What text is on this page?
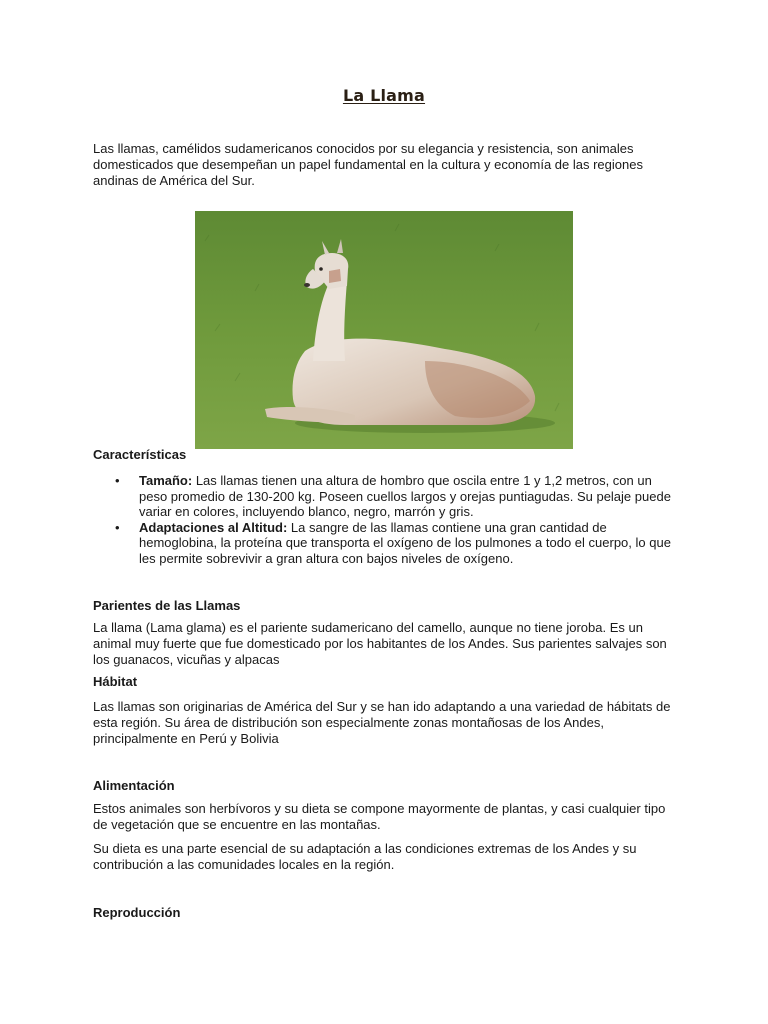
La Llama

Las llamas, camélidos sudamericanos conocidos por su elegancia y resistencia, son animales domesticados que desempeñan un papel fundamental en la cultura y economía de las regiones andinas de América del Sur.

Características

• Tamaño: Las llamas tienen una altura de hombro que oscila entre 1 y 1,2 metros, con un peso promedio de 130-200 kg. Poseen cuellos largos y orejas puntiagudas. Su pelaje puede variar en colores, incluyendo blanco, negro, marrón y gris.
• Adaptaciones al Altitud: La sangre de las llamas contiene una gran cantidad de hemoglobina, la proteína que transporta el oxígeno de los pulmones a todo el cuerpo, lo que les permite sobrevivir a gran altura con bajos niveles de oxígeno.

Parientes de las Llamas

La llama (Lama glama) es el pariente sudamericano del camello, aunque no tiene joroba. Es un animal muy fuerte que fue domesticado por los habitantes de los Andes. Sus parientes salvajes son los guanacos, vicuñas y alpacas

Hábitat

Las llamas son originarias de América del Sur y se han ido adaptando a una variedad de hábitats de esta región. Su área de distribución son especialmente zonas montañosas de los Andes, principalmente en Perú y Bolivia

Alimentación

Estos animales son herbívoros y su dieta se compone mayormente de plantas, y casi cualquier tipo de vegetación que se encuentre en las montañas.

Su dieta es una parte esencial de su adaptación a las condiciones extremas de los Andes y su contribución a las comunidades locales en la región.

Reproducción
